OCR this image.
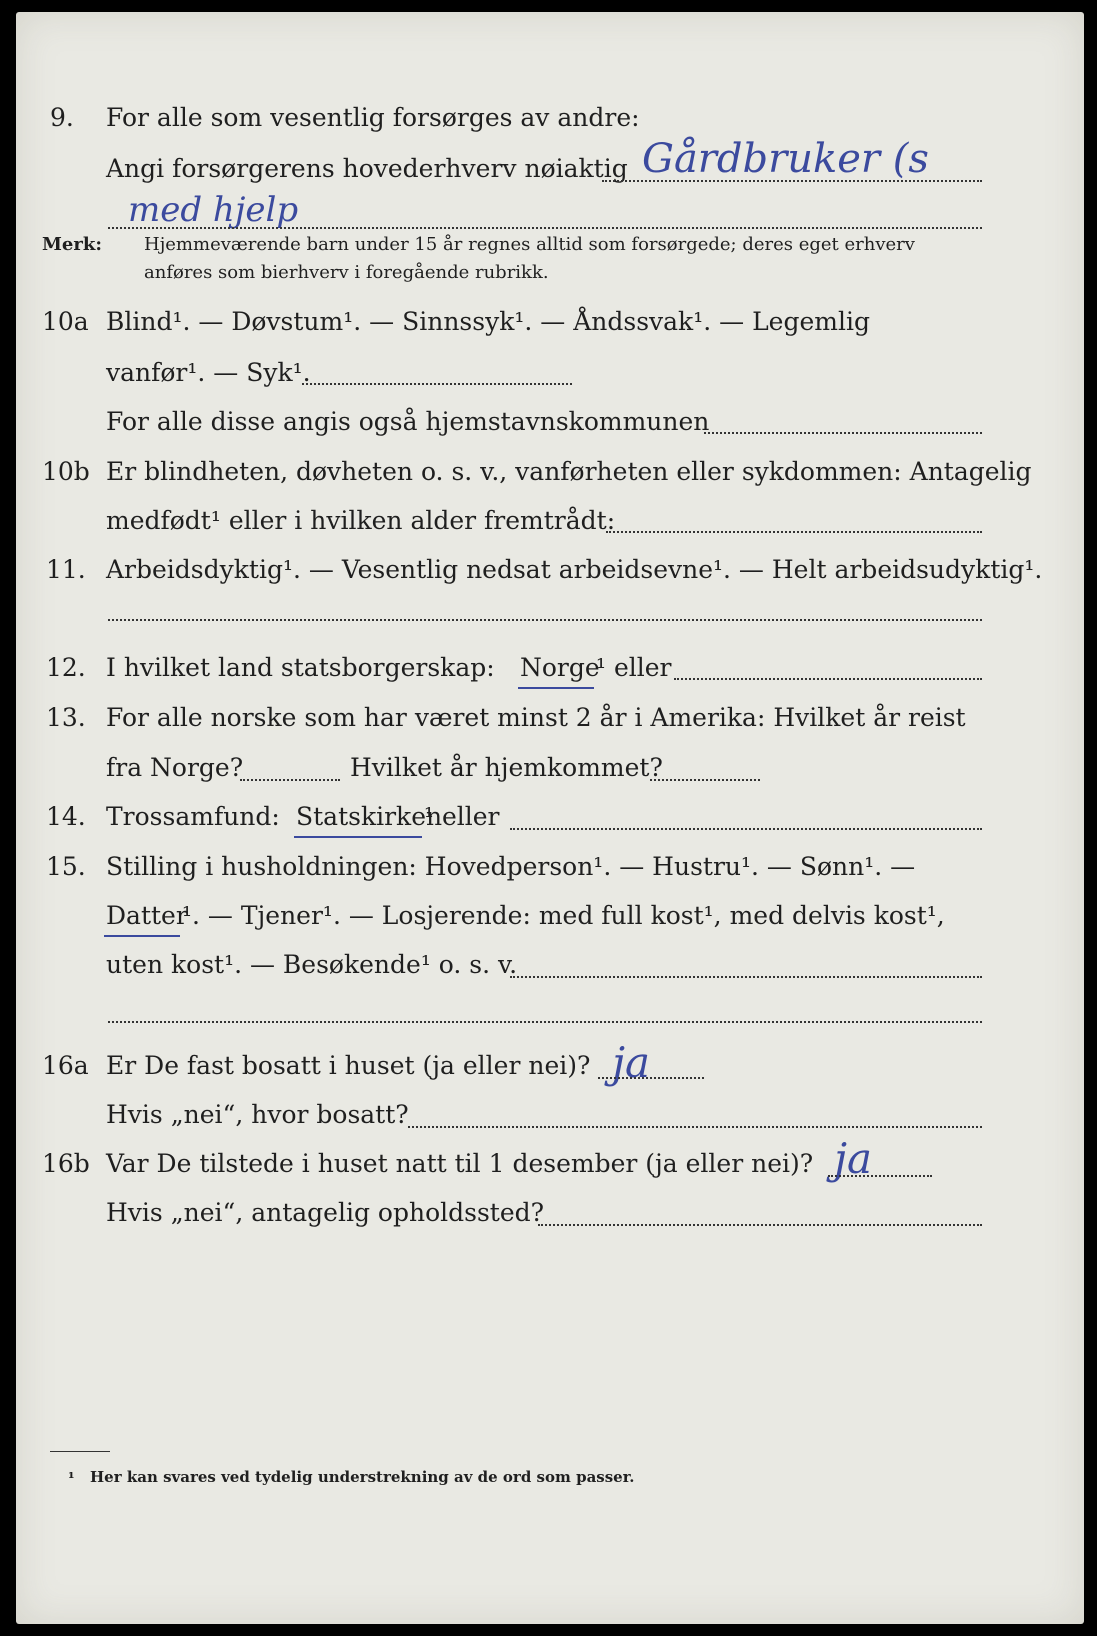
9. For alle som vesentlig forsørges av andre:
Angi forsørgerens hovederhverv nøiaktig Gårdbruker (s
med hjelp
Merk: Hjemmeværende barn under 15 år regnes alltid som forsørgede; deres eget erhverv
anføres som bierhverv i foregående rubrikk.
10a Blind¹. — Døvstum¹. — Sinnssyk¹. — Åndssvak¹. — Legemlig
vanfør¹. — Syk¹.
For alle disse angis også hjemstavnskommunen
10b Er blindheten, døvheten o. s. v., vanførheten eller sykdommen: Antagelig
medfødt¹ eller i hvilken alder fremtrådt:
11. Arbeidsdyktig¹. — Vesentlig nedsat arbeidsevne¹. — Helt arbeidsudyktig¹.
12. I hvilket land statsborgerskap: Norge
¹ eller
13. For alle norske som har været minst 2 år i Amerika: Hvilket år reist
fra Norge?	Hvilket år hjemkommet?
14. Trossamfund: Statskirken
¹ eller
15. Stilling i husholdningen: Hovedperson¹. — Hustru¹. — Sønn¹. —
Datter
¹. — Tjener¹. — Losjerende: med full kost¹, med delvis kost¹,
uten kost¹. — Besøkende¹ o. s. v.
16a Er De fast bosatt i huset (ja eller nei)? ja
Hvis „nei“, hvor bosatt?
16b Var De tilstede i huset natt til 1 desember (ja eller nei)? ja
Hvis „nei“, antagelig opholdssted?
¹ Her kan svares ved tydelig understrekning av de ord som passer.
